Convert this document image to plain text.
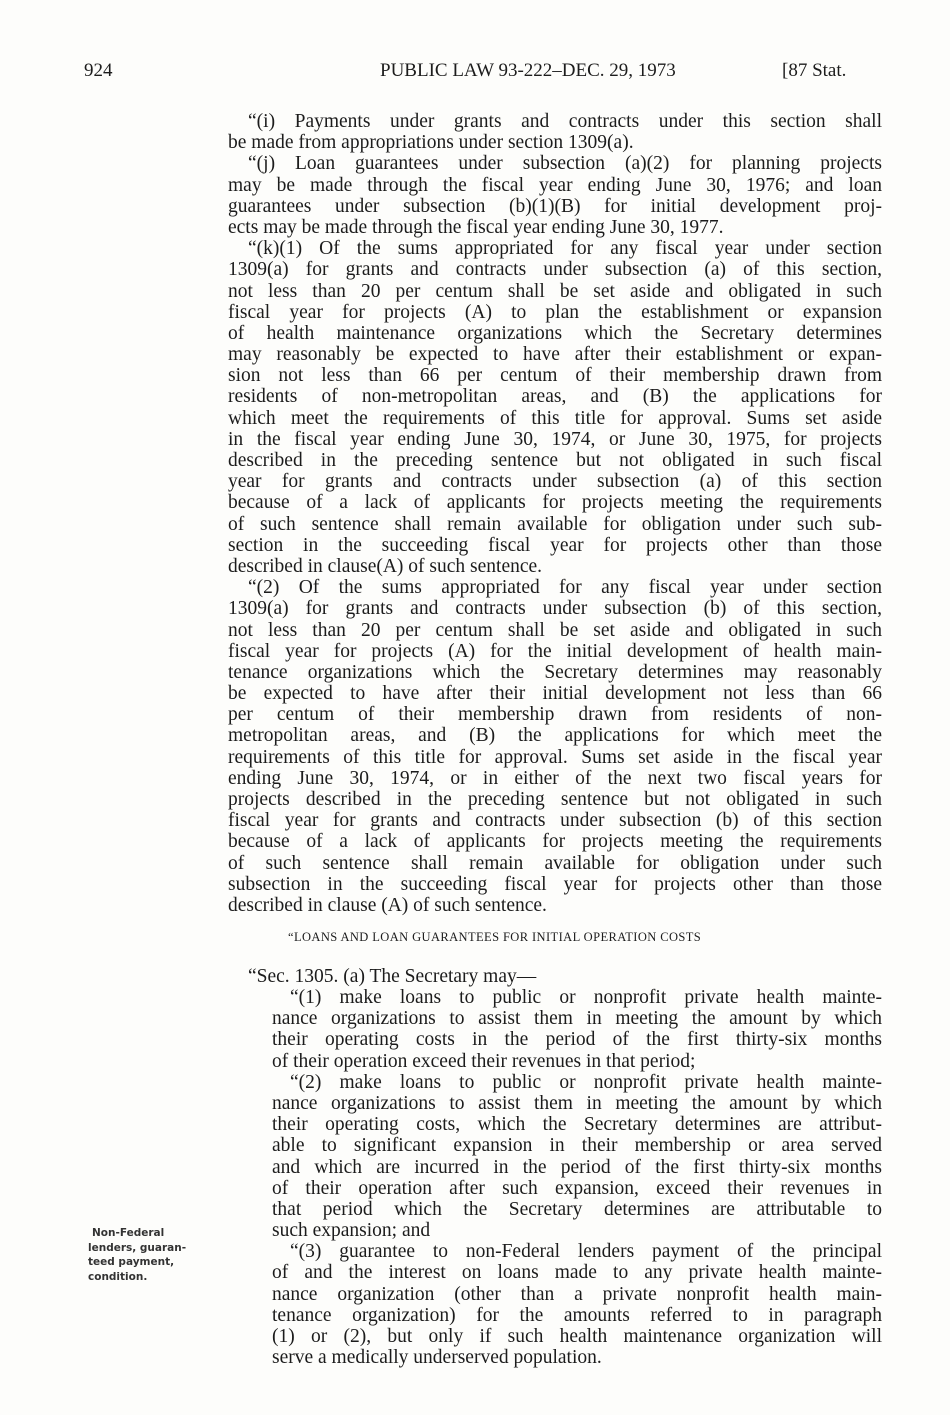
924	PUBLIC LAW 93-222–DEC. 29, 1973	[87 Stat.
“(i) Payments under grants and contracts under this section shall
be made from appropriations under section 1309(a).
“(j) Loan guarantees under subsection (a)(2) for planning projects
may be made through the fiscal year ending June 30, 1976; and loan
guarantees under subsection (b)(1)(B) for initial development proj-
ects may be made through the fiscal year ending June 30, 1977.
“(k)(1) Of the sums appropriated for any fiscal year under section
1309(a) for grants and contracts under subsection (a) of this section,
not less than 20 per centum shall be set aside and obligated in such
fiscal year for projects (A) to plan the establishment or expansion
of health maintenance organizations which the Secretary determines
may reasonably be expected to have after their establishment or expan-
sion not less than 66 per centum of their membership drawn from
residents of non-metropolitan areas, and (B) the applications for
which meet the requirements of this title for approval. Sums set aside
in the fiscal year ending June 30, 1974, or June 30, 1975, for projects
described in the preceding sentence but not obligated in such fiscal
year for grants and contracts under subsection (a) of this section
because of a lack of applicants for projects meeting the requirements
of such sentence shall remain available for obligation under such sub-
section in the succeeding fiscal year for projects other than those
described in clause(A) of such sentence.
“(2) Of the sums appropriated for any fiscal year under section
1309(a) for grants and contracts under subsection (b) of this section,
not less than 20 per centum shall be set aside and obligated in such
fiscal year for projects (A) for the initial development of health main-
tenance organizations which the Secretary determines may reasonably
be expected to have after their initial development not less than 66
per centum of their membership drawn from residents of non-
metropolitan areas, and (B) the applications for which meet the
requirements of this title for approval. Sums set aside in the fiscal year
ending June 30, 1974, or in either of the next two fiscal years for
projects described in the preceding sentence but not obligated in such
fiscal year for grants and contracts under subsection (b) of this section
because of a lack of applicants for projects meeting the requirements
of such sentence shall remain available for obligation under such
subsection in the succeeding fiscal year for projects other than those
described in clause (A) of such sentence.
“LOANS AND LOAN GUARANTEES FOR INITIAL OPERATION COSTS
“Sec. 1305. (a) The Secretary may—
“(1) make loans to public or nonprofit private health mainte-
nance organizations to assist them in meeting the amount by which
their operating costs in the period of the first thirty-six months
of their operation exceed their revenues in that period;
“(2) make loans to public or nonprofit private health mainte-
nance organizations to assist them in meeting the amount by which
their operating costs, which the Secretary determines are attribut-
able to significant expansion in their membership or area served
and which are incurred in the period of the first thirty-six months
of their operation after such expansion, exceed their revenues in
that period which the Secretary determines are attributable to
such expansion; and
“(3) guarantee to non-Federal lenders payment of the principal
of and the interest on loans made to any private health mainte-
nance organization (other than a private nonprofit health main-
tenance organization) for the amounts referred to in paragraph
(1) or (2), but only if such health maintenance organization will
serve a medically underserved population.
Non-Federal
lenders, guaran-
teed payment,
condition.
